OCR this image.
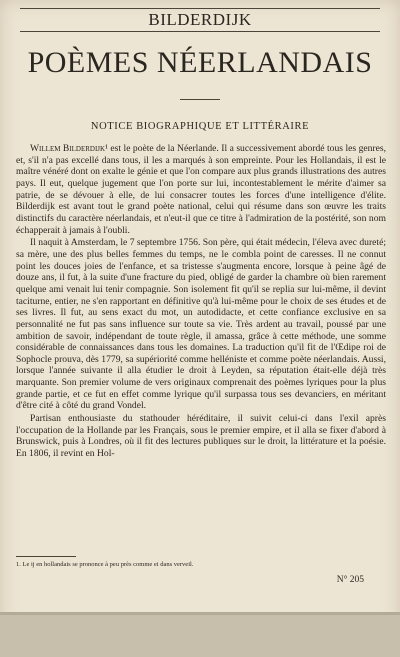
BILDERDIJK
POÈMES NÉERLANDAIS
NOTICE BIOGRAPHIQUE ET LITTÉRAIRE

Willem Bilderdijk¹ est le poète de la Néerlande. Il a successivement abordé tous les genres, et, s'il n'a pas excellé dans tous, il les a marqués à son empreinte. Pour les Hollandais, il est le maître vénéré dont on exalte le génie et que l'on compare aux plus grands illustrations des autres pays. Il eut, quelque jugement que l'on porte sur lui, incontestablement le mérite d'aimer sa patrie, de se dévouer à elle, de lui consacrer toutes les forces d'une intelligence d'élite. Bilderdijk est avant tout le grand poète national, celui qui résume dans son œuvre les traits distinctifs du caractère néerlandais, et n'eut-il que ce titre à l'admiration de la postérité, son nom échapperait à jamais à l'oubli.

Il naquit à Amsterdam, le 7 septembre 1756. Son père, qui était médecin, l'éleva avec dureté; sa mère, une des plus belles femmes du temps, ne le combla point de caresses. Il ne connut point les douces joies de l'enfance, et sa tristesse s'augmenta encore, lorsque à peine âgé de douze ans, il fut, à la suite d'une fracture du pied, obligé de garder la chambre où bien rarement quelque ami venait lui tenir compagnie. Son isolement fit qu'il se replia sur lui-même, il devint taciturne, entier, ne s'en rapportant en définitive qu'à lui-même pour le choix de ses études et de ses livres. Il fut, au sens exact du mot, un autodidacte, et cette confiance exclusive en sa personnalité ne fut pas sans influence sur toute sa vie. Très ardent au travail, poussé par une ambition de savoir, indépendant de toute règle, il amassa, grâce à cette méthode, une somme considérable de connaissances dans tous les domaines. La traduction qu'il fit de l'Œdipe roi de Sophocle prouva, dès 1779, sa supériorité comme helléniste et comme poète néerlandais. Aussi, lorsque l'année suivante il alla étudier le droit à Leyden, sa réputation était-elle déjà très marquante. Son premier volume de vers originaux comprenait des poèmes lyriques pour la plus grande partie, et ce fut en effet comme lyrique qu'il surpassa tous ses devanciers, en méritant d'être cité à côté du grand Vondel.

Partisan enthousiaste du stathouder héréditaire, il suivit celui-ci dans l'exil après l'occupation de la Hollande par les Français, sous le premier empire, et il alla se fixer d'abord à Brunswick, puis à Londres, où il fit des lectures publiques sur le droit, la littérature et la poésie. En 1806, il revint en Hol-

1. Le ij en hollandais se prononce à peu près comme ei dans verveil.
N° 205
